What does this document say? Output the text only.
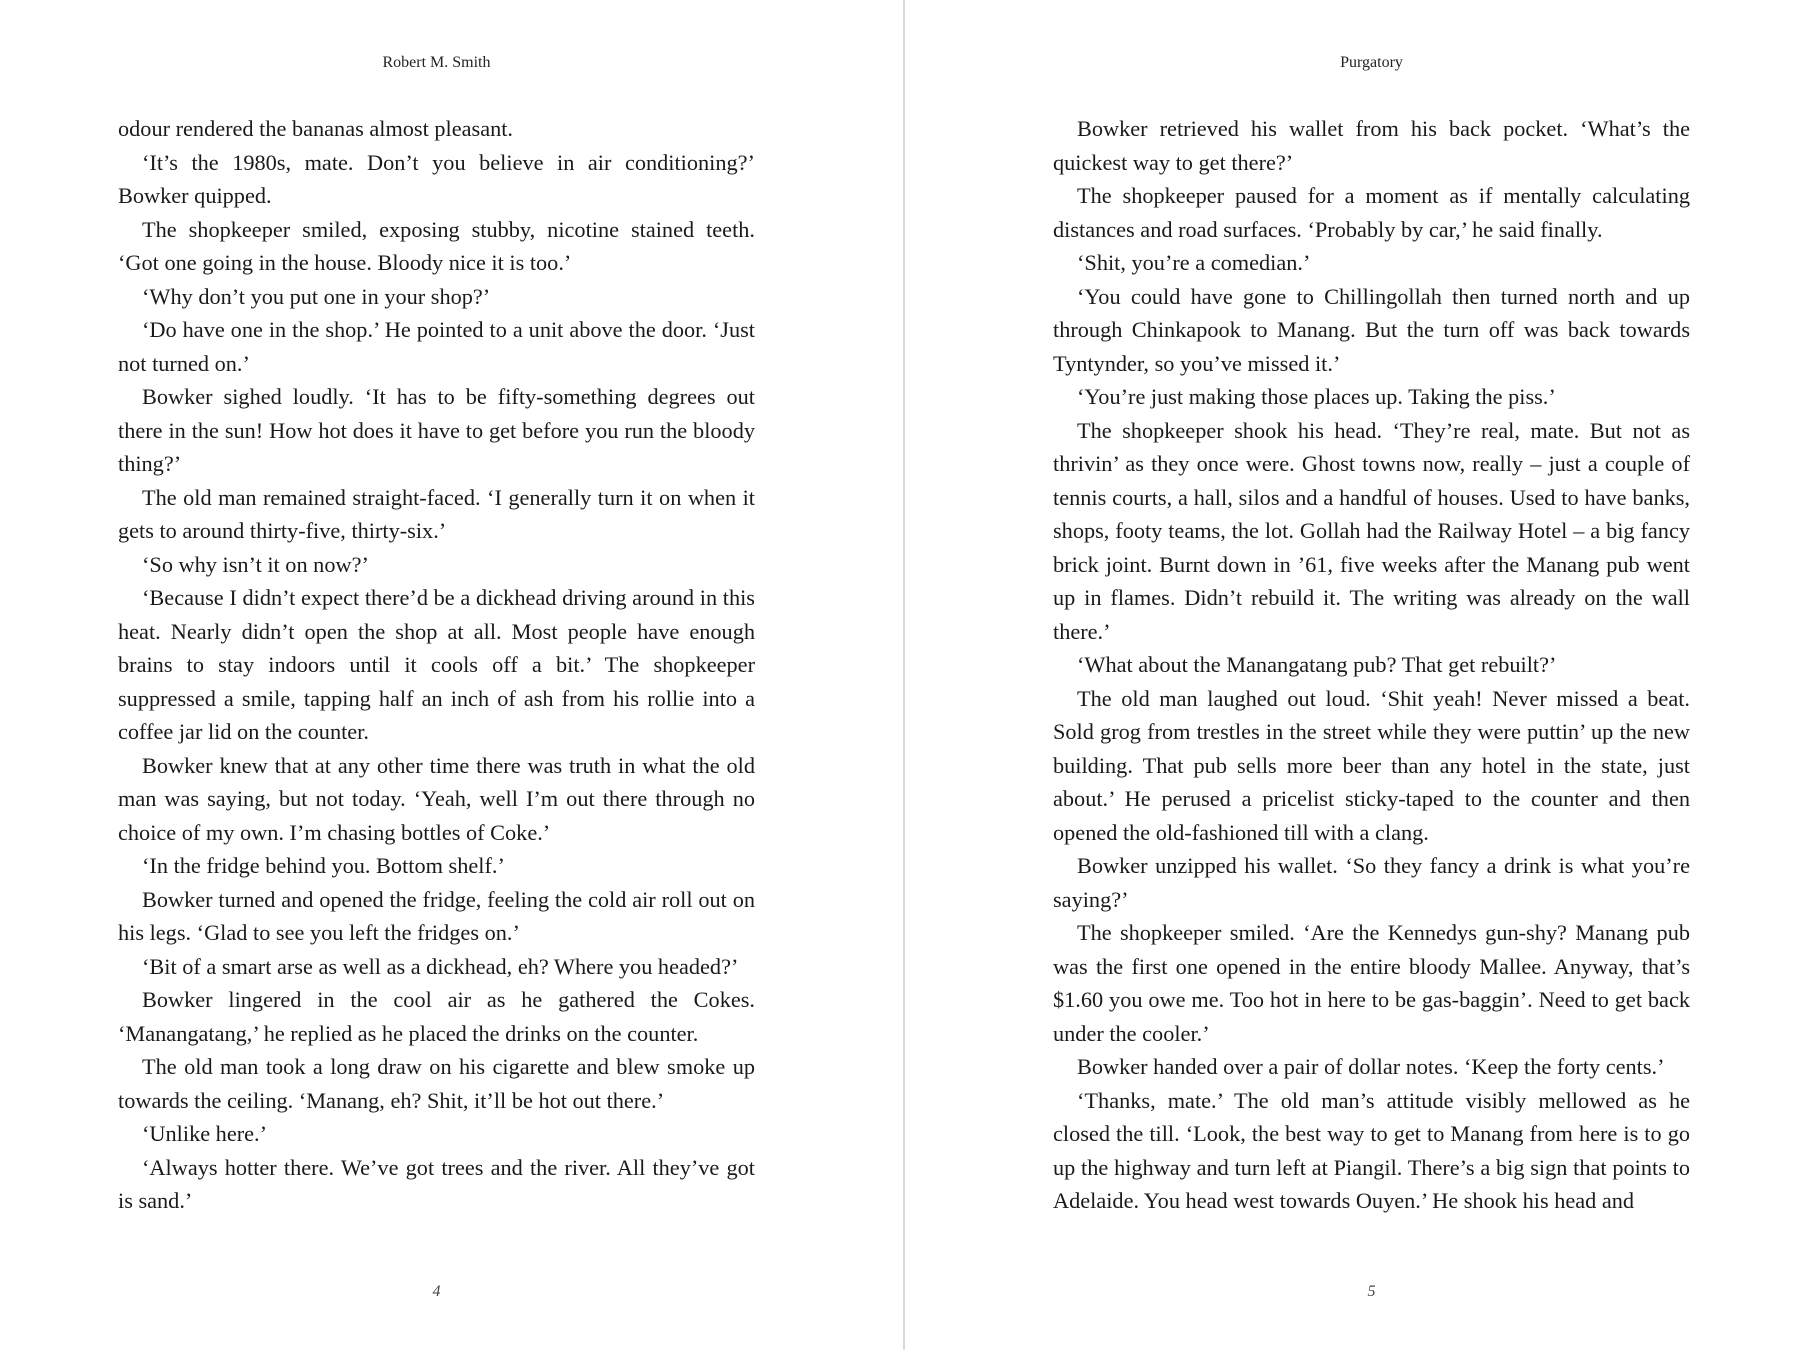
Robert M. Smith

odour rendered the bananas almost pleasant.

‘It’s the 1980s, mate. Don’t you believe in air conditioning?’ Bowker quipped.

The shopkeeper smiled, exposing stubby, nicotine stained teeth. ‘Got one going in the house. Bloody nice it is too.’

‘Why don’t you put one in your shop?’

‘Do have one in the shop.’ He pointed to a unit above the door. ‘Just not turned on.’

Bowker sighed loudly. ‘It has to be fifty-something degrees out there in the sun! How hot does it have to get before you run the bloody thing?’

The old man remained straight-faced. ‘I generally turn it on when it gets to around thirty-five, thirty-six.’

‘So why isn’t it on now?’

‘Because I didn’t expect there’d be a dickhead driving around in this heat. Nearly didn’t open the shop at all. Most people have enough brains to stay indoors until it cools off a bit.’ The shopkeeper suppressed a smile, tapping half an inch of ash from his rollie into a coffee jar lid on the counter.

Bowker knew that at any other time there was truth in what the old man was saying, but not today. ‘Yeah, well I’m out there through no choice of my own. I’m chasing bottles of Coke.’

‘In the fridge behind you. Bottom shelf.’

Bowker turned and opened the fridge, feeling the cold air roll out on his legs. ‘Glad to see you left the fridges on.’

‘Bit of a smart arse as well as a dickhead, eh? Where you headed?’

Bowker lingered in the cool air as he gathered the Cokes. ‘Manangatang,’ he replied as he placed the drinks on the counter.

The old man took a long draw on his cigarette and blew smoke up towards the ceiling. ‘Manang, eh? Shit, it’ll be hot out there.’

‘Unlike here.’

‘Always hotter there. We’ve got trees and the river. All they’ve got is sand.’

4
Purgatory

Bowker retrieved his wallet from his back pocket. ‘What’s the quickest way to get there?’

The shopkeeper paused for a moment as if mentally calculating distances and road surfaces. ‘Probably by car,’ he said finally.

‘Shit, you’re a comedian.’

‘You could have gone to Chillingollah then turned north and up through Chinkapook to Manang. But the turn off was back towards Tyntynder, so you’ve missed it.’

‘You’re just making those places up. Taking the piss.’

The shopkeeper shook his head. ‘They’re real, mate. But not as thrivin’ as they once were. Ghost towns now, really – just a couple of tennis courts, a hall, silos and a handful of houses. Used to have banks, shops, footy teams, the lot. Gollah had the Railway Hotel – a big fancy brick joint. Burnt down in ’61, five weeks after the Manang pub went up in flames. Didn’t rebuild it. The writing was already on the wall there.’

‘What about the Manangatang pub? That get rebuilt?’

The old man laughed out loud. ‘Shit yeah! Never missed a beat. Sold grog from trestles in the street while they were puttin’ up the new building. That pub sells more beer than any hotel in the state, just about.’ He perused a pricelist sticky-taped to the counter and then opened the old-fashioned till with a clang.

Bowker unzipped his wallet. ‘So they fancy a drink is what you’re saying?’

The shopkeeper smiled. ‘Are the Kennedys gun-shy? Manang pub was the first one opened in the entire bloody Mallee. Anyway, that’s $1.60 you owe me. Too hot in here to be gas-baggin’. Need to get back under the cooler.’

Bowker handed over a pair of dollar notes. ‘Keep the forty cents.’

‘Thanks, mate.’ The old man’s attitude visibly mellowed as he closed the till. ‘Look, the best way to get to Manang from here is to go up the highway and turn left at Piangil. There’s a big sign that points to Adelaide. You head west towards Ouyen.’ He shook his head and

5
